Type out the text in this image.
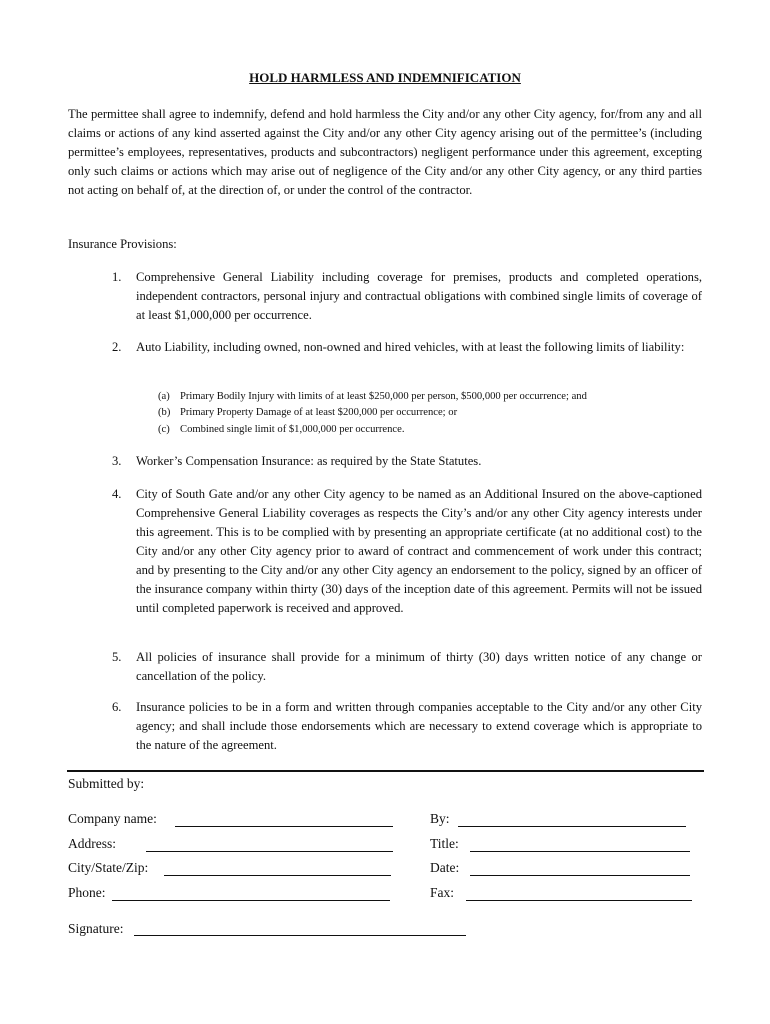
HOLD HARMLESS AND INDEMNIFICATION

The permittee shall agree to indemnify, defend and hold harmless the City and/or any other City agency, for/from any and all claims or actions of any kind asserted against the City and/or any other City agency arising out of the permittee’s (including permittee’s employees, representatives, products and subcontractors) negligent performance under this agreement, excepting only such claims or actions which may arise out of negligence of the City and/or any other City agency, or any third parties not acting on behalf of, at the direction of, or under the control of the contractor.

Insurance Provisions:

1. Comprehensive General Liability including coverage for premises, products and completed operations, independent contractors, personal injury and contractual obligations with combined single limits of coverage of at least $1,000,000 per occurrence.
2. Auto Liability, including owned, non-owned and hired vehicles, with at least the following limits of liability:
(a) Primary Bodily Injury with limits of at least $250,000 per person, $500,000 per occurrence; and
(b) Primary Property Damage of at least $200,000 per occurrence; or
(c) Combined single limit of $1,000,000 per occurrence.
3. Worker’s Compensation Insurance: as required by the State Statutes.
4. City of South Gate and/or any other City agency to be named as an Additional Insured on the above-captioned Comprehensive General Liability coverages as respects the City’s and/or any other City agency interests under this agreement. This is to be complied with by presenting an appropriate certificate (at no additional cost) to the City and/or any other City agency prior to award of contract and commencement of work under this contract; and by presenting to the City and/or any other City agency an endorsement to the policy, signed by an officer of the insurance company within thirty (30) days of the inception date of this agreement. Permits will not be issued until completed paperwork is received and approved.
5. All policies of insurance shall provide for a minimum of thirty (30) days written notice of any change or cancellation of the policy.
6. Insurance policies to be in a form and written through companies acceptable to the City and/or any other City agency; and shall include those endorsements which are necessary to extend coverage which is appropriate to the nature of the agreement.
Submitted by:
Company name:
Address:
City/State/Zip:
Phone:
By:
Title:
Date:
Fax:
Signature:
